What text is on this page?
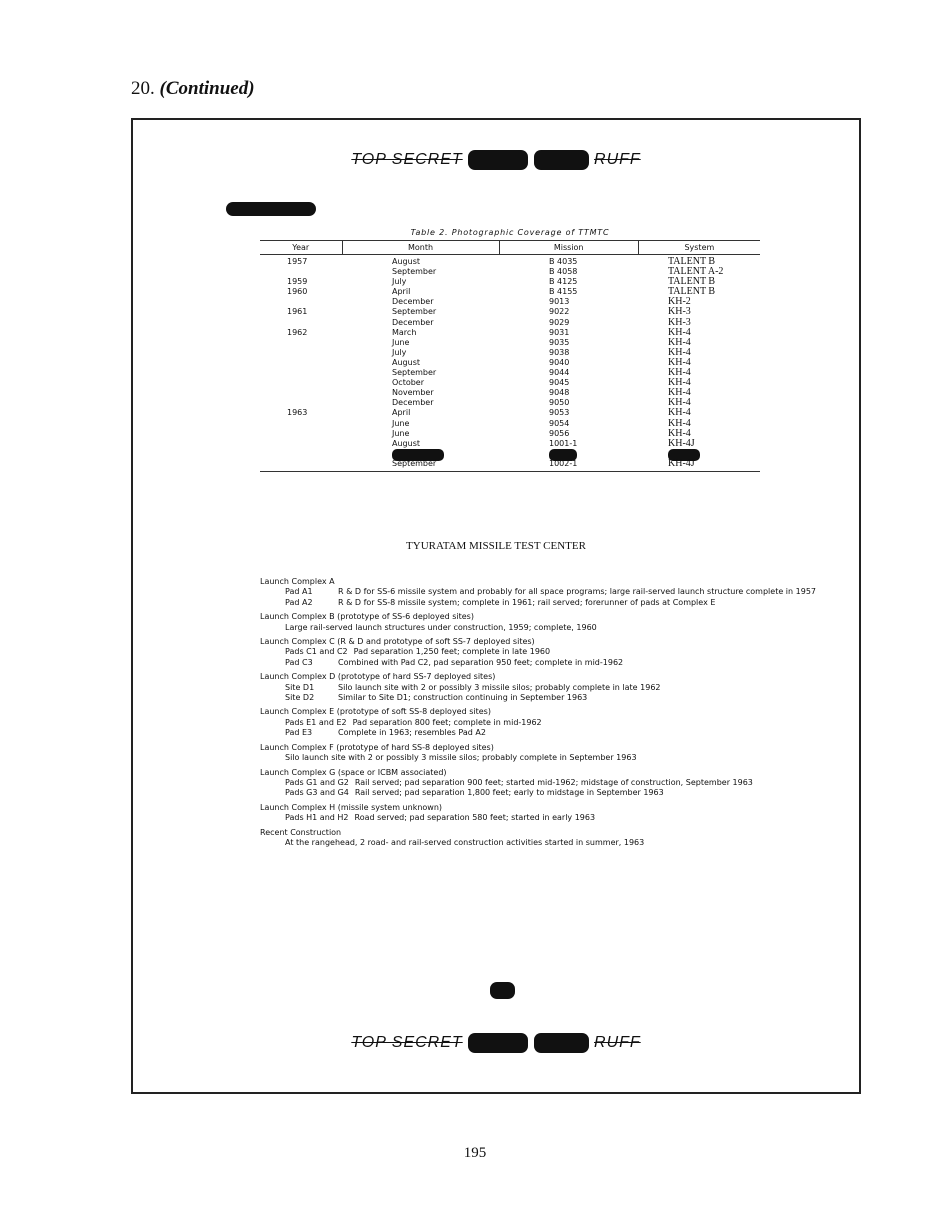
20. (Continued)
TOP SECRET	RUFF
Table 2. Photographic Coverage of TTMTC
Year	Month	Mission	System
1957	August	B 4035	TALENT B
September	B 4058	TALENT A-2
1959	July	B 4125	TALENT B
1960	April	B 4155	TALENT B
December	9013	KH-2
1961	September	9022	KH-3
December	9029	KH-3
1962	March	9031	KH-4
June	9035	KH-4
July	9038	KH-4
August	9040	KH-4
September	9044	KH-4
October	9045	KH-4
November	9048	KH-4
December	9050	KH-4
1963	April	9053	KH-4
June	9054	KH-4
June	9056	KH-4
August	1001-1	KH-4J
September	1002-1	KH-4J
TYURATAM MISSILE TEST CENTER
Launch Complex A
Pad A1	R & D for SS-6 missile system and probably for all space programs; large rail-served launch structure complete in 1957
Pad A2	R & D for SS-8 missile system; complete in 1961; rail served; forerunner of pads at Complex E
Launch Complex B (prototype of SS-6 deployed sites)
Large rail-served launch structures under construction, 1959; complete, 1960
Launch Complex C (R & D and prototype of soft SS-7 deployed sites)
Pads C1 and C2 Pad separation 1,250 feet; complete in late 1960
Pad C3	Combined with Pad C2, pad separation 950 feet; complete in mid-1962
Launch Complex D (prototype of hard SS-7 deployed sites)
Site D1	Silo launch site with 2 or possibly 3 missile silos; probably complete in late 1962
Site D2	Similar to Site D1; construction continuing in September 1963
Launch Complex E (prototype of soft SS-8 deployed sites)
Pads E1 and E2 Pad separation 800 feet; complete in mid-1962
Pad E3	Complete in 1963; resembles Pad A2
Launch Complex F (prototype of hard SS-8 deployed sites)
Silo launch site with 2 or possibly 3 missile silos; probably complete in September 1963
Launch Complex G (space or ICBM associated)
Pads G1 and G2 Rail served; pad separation 900 feet; started mid-1962; midstage of construction, September 1963
Pads G3 and G4 Rail served; pad separation 1,800 feet; early to midstage in September 1963
Launch Complex H (missile system unknown)
Pads H1 and H2 Road served; pad separation 580 feet; started in early 1963
Recent Construction
At the rangehead, 2 road- and rail-served construction activities started in summer, 1963
TOP SECRET	RUFF
195
